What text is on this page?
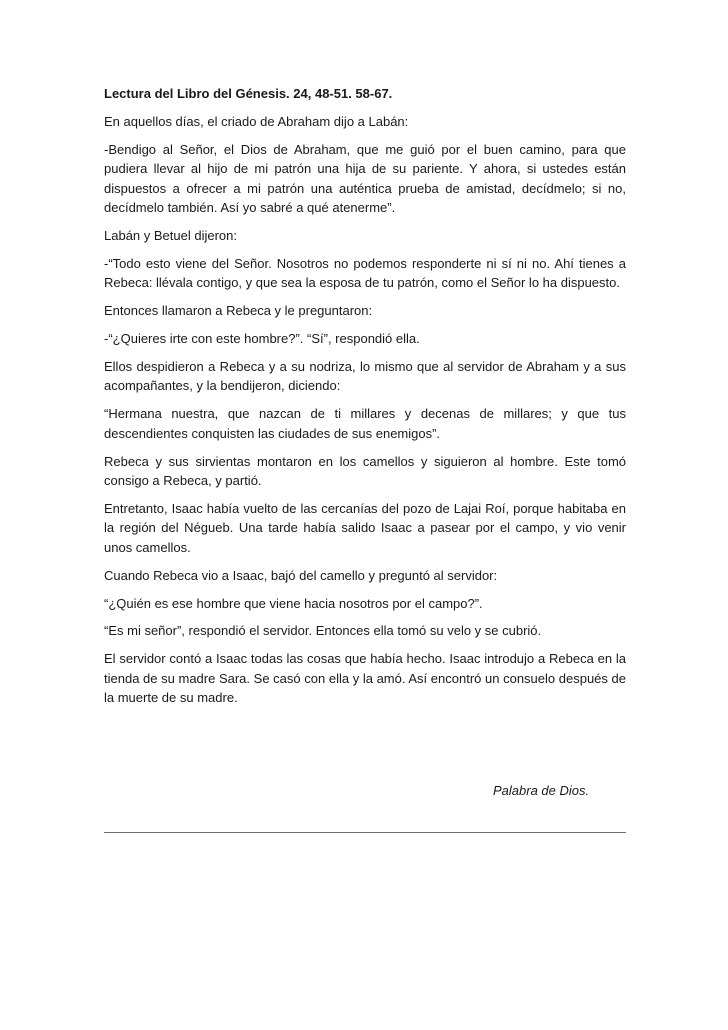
Lectura del Libro del Génesis. 24, 48-51. 58-67.

En aquellos días, el criado de Abraham dijo a Labán:

-Bendigo al Señor, el Dios de Abraham, que me guió por el buen camino, para que pudiera llevar al hijo de mi patrón una hija de su pariente. Y ahora, si ustedes están dispuestos a ofrecer a mi patrón una auténtica prueba de amistad, decídmelo; si no, decídmelo también. Así yo sabré a qué atenerme”.

Labán y Betuel dijeron:

-“Todo esto viene del Señor. Nosotros no podemos responderte ni sí ni no. Ahí tienes a Rebeca: llévala contigo, y que sea la esposa de tu patrón, como el Señor lo ha dispuesto.

Entonces llamaron a Rebeca y le preguntaron:

-“¿Quieres irte con este hombre?”. “Sí”, respondió ella.

Ellos despidieron a Rebeca y a su nodriza, lo mismo que al servidor de Abraham y a sus acompañantes, y la bendijeron, diciendo:

“Hermana nuestra, que nazcan de ti millares y decenas de millares; y que tus descendientes conquisten las ciudades de sus enemigos”.

Rebeca y sus sirvientas montaron en los camellos y siguieron al hombre. Este tomó consigo a Rebeca, y partió.

Entretanto, Isaac había vuelto de las cercanías del pozo de Lajai Roí, porque habitaba en la región del Négueb. Una tarde había salido Isaac a pasear por el campo, y vio venir unos camellos.

Cuando Rebeca vio a Isaac, bajó del camello y preguntó al servidor:

“¿Quién es ese hombre que viene hacia nosotros por el campo?”.

“Es mi señor”, respondió el servidor. Entonces ella tomó su velo y se cubrió.

El servidor contó a Isaac todas las cosas que había hecho. Isaac introdujo a Rebeca en la tienda de su madre Sara. Se casó con ella y la amó. Así encontró un consuelo después de la muerte de su madre.

Palabra de Dios.
